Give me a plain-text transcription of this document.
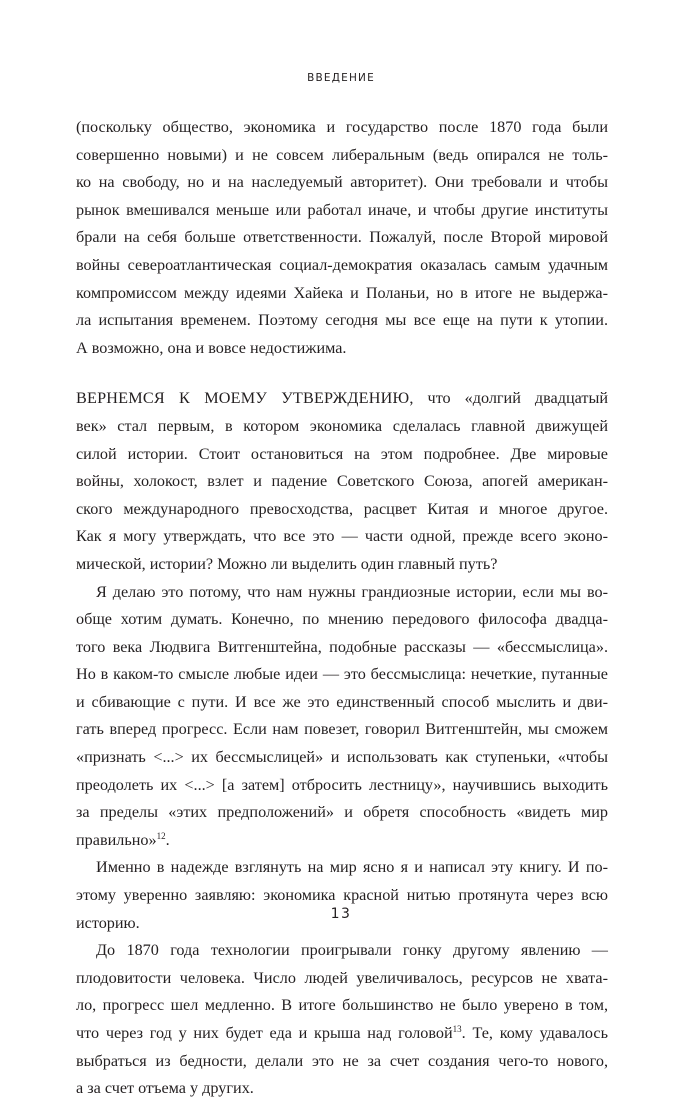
ВВЕДЕНИЕ
(поскольку общество, экономика и государство после 1870 года были
совершенно новыми) и не совсем либеральным (ведь опирался не толь-
ко на свободу, но и на наследуемый авторитет). Они требовали и чтобы
рынок вмешивался меньше или работал иначе, и чтобы другие институты
брали на себя больше ответственности. Пожалуй, после Второй мировой
войны североатлантическая социал-демократия оказалась самым удачным
компромиссом между идеями Хайека и Поланьи, но в итоге не выдержа-
ла испытания временем. Поэтому сегодня мы все еще на пути к утопии.
А возможно, она и вовсе недостижима.
ВЕРНЕМСЯ К МОЕМУ УТВЕРЖДЕНИЮ, что «долгий двадцатый
век» стал первым, в котором экономика сделалась главной движущей
силой истории. Стоит остановиться на этом подробнее. Две мировые
войны, холокост, взлет и падение Советского Союза, апогей американ-
ского международного превосходства, расцвет Китая и многое другое.
Как я могу утверждать, что все это — части одной, прежде всего эконо-
мической, истории? Можно ли выделить один главный путь?
Я делаю это потому, что нам нужны грандиозные истории, если мы во-
обще хотим думать. Конечно, по мнению передового философа двадца-
того века Людвига Витгенштейна, подобные рассказы — «бессмыслица».
Но в каком-то смысле любые идеи — это бессмыслица: нечеткие, путанные
и сбивающие с пути. И все же это единственный способ мыслить и дви-
гать вперед прогресс. Если нам повезет, говорил Витгенштейн, мы сможем
«признать <...> их бессмыслицей» и использовать как ступеньки, «чтобы
преодолеть их <...> [а затем] отбросить лестницу», научившись выходить
за пределы «этих предположений» и обретя способность «видеть мир
правильно»$^{12}$.
Именно в надежде взглянуть на мир ясно я и написал эту книгу. И по-
этому уверенно заявляю: экономика красной нитью протянута через всю
историю.
До 1870 года технологии проигрывали гонку другому явлению —
плодовитости человека. Число людей увеличивалось, ресурсов не хвата-
ло, прогресс шел медленно. В итоге большинство не было уверено в том,
что через год у них будет еда и крыша над головой$^{13}$. Те, кому удавалось
выбраться из бедности, делали это не за счет создания чего-то нового,
а за счет отъема у других.
13
